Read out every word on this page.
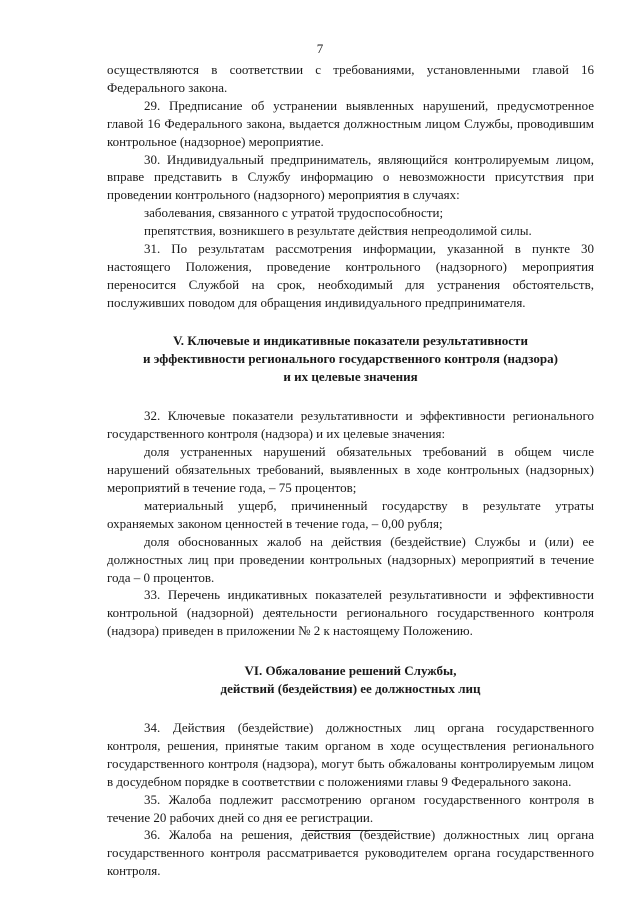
7

осуществляются в соответствии с требованиями, установленными главой 16 Федерального закона.

29. Предписание об устранении выявленных нарушений, предусмотренное главой 16 Федерального закона, выдается должностным лицом Службы, проводившим контрольное (надзорное) мероприятие.

30. Индивидуальный предприниматель, являющийся контролируемым лицом, вправе представить в Службу информацию о невозможности присутствия при проведении контрольного (надзорного) мероприятия в случаях:

заболевания, связанного с утратой трудоспособности;

препятствия, возникшего в результате действия непреодолимой силы.

31. По результатам рассмотрения информации, указанной в пункте 30 настоящего Положения, проведение контрольного (надзорного) мероприятия переносится Службой на срок, необходимый для устранения обстоятельств, послуживших поводом для обращения индивидуального предпринимателя.

V. Ключевые и индикативные показатели результативности
и эффективности регионального государственного контроля (надзора)
и их целевые значения

32. Ключевые показатели результативности и эффективности регионального государственного контроля (надзора) и их целевые значения:

доля устраненных нарушений обязательных требований в общем числе нарушений обязательных требований, выявленных в ходе контрольных (надзорных) мероприятий в течение года, – 75 процентов;

материальный ущерб, причиненный государству в результате утраты охраняемых законом ценностей в течение года, – 0,00 рубля;

доля обоснованных жалоб на действия (бездействие) Службы и (или) ее должностных лиц при проведении контрольных (надзорных) мероприятий в течение года – 0 процентов.

33. Перечень индикативных показателей результативности и эффективности контрольной (надзорной) деятельности регионального государственного контроля (надзора) приведен в приложении № 2 к настоящему Положению.

VI. Обжалование решений Службы,
действий (бездействия) ее должностных лиц

34. Действия (бездействие) должностных лиц органа государственного контроля, решения, принятые таким органом в ходе осуществления регионального государственного контроля (надзора), могут быть обжалованы контролируемым лицом в досудебном порядке в соответствии с положениями главы 9 Федерального закона.

35. Жалоба подлежит рассмотрению органом государственного контроля в течение 20 рабочих дней со дня ее регистрации.

36. Жалоба на решения, действия (бездействие) должностных лиц органа государственного контроля рассматривается руководителем органа государственного контроля.
